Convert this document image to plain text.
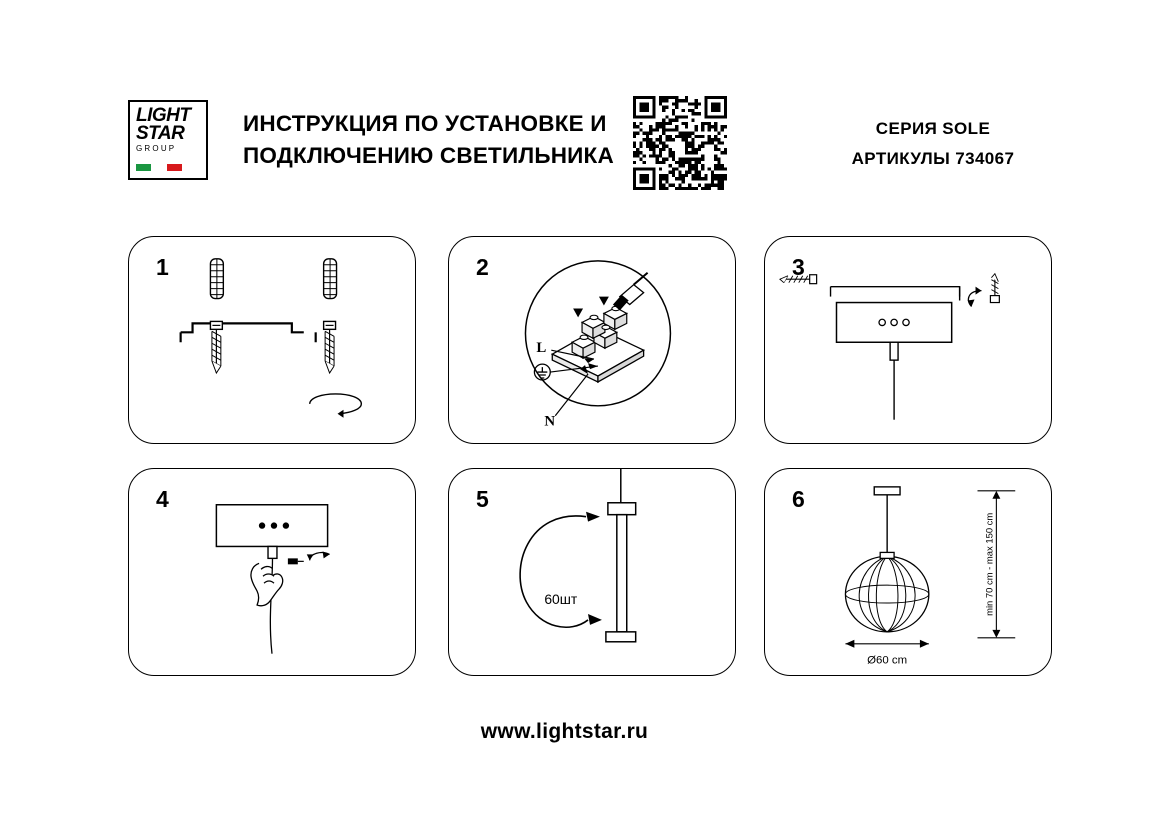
LIGHT
STAR
GROUP
ИНСТРУКЦИЯ ПО УСТАНОВКЕ И
ПОДКЛЮЧЕНИЮ СВЕТИЛЬНИКА
СЕРИЯ SOLE
АРТИКУЛЫ 734067
1	2
L
N
3
4	5
60шт
6
min 70 cm - max 150 cm
Ø60 cm
www.lightstar.ru
